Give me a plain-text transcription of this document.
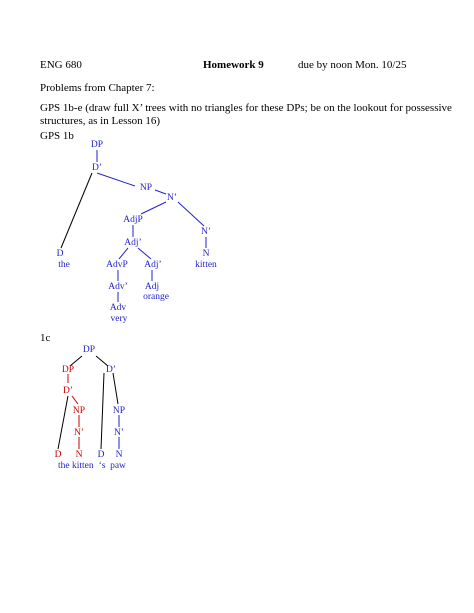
ENG 680	Homework 9	due by noon Mon. 10/25
Problems from Chapter 7:
GPS 1b-e (draw full X’ trees with no triangles for these DPs; be on the lookout for possessive
structures, as in Lesson 16)
GPS 1b
1c
DP
D’
NP
N’
AdjP
N’
Adj’
D
the	AdvP Adj’
N
kitten
Adv’ Adj
orange
Adv
very
DP
D’
NP
N’
D N
DP
D’
NP
N’
D N
the kitten ‘s paw
